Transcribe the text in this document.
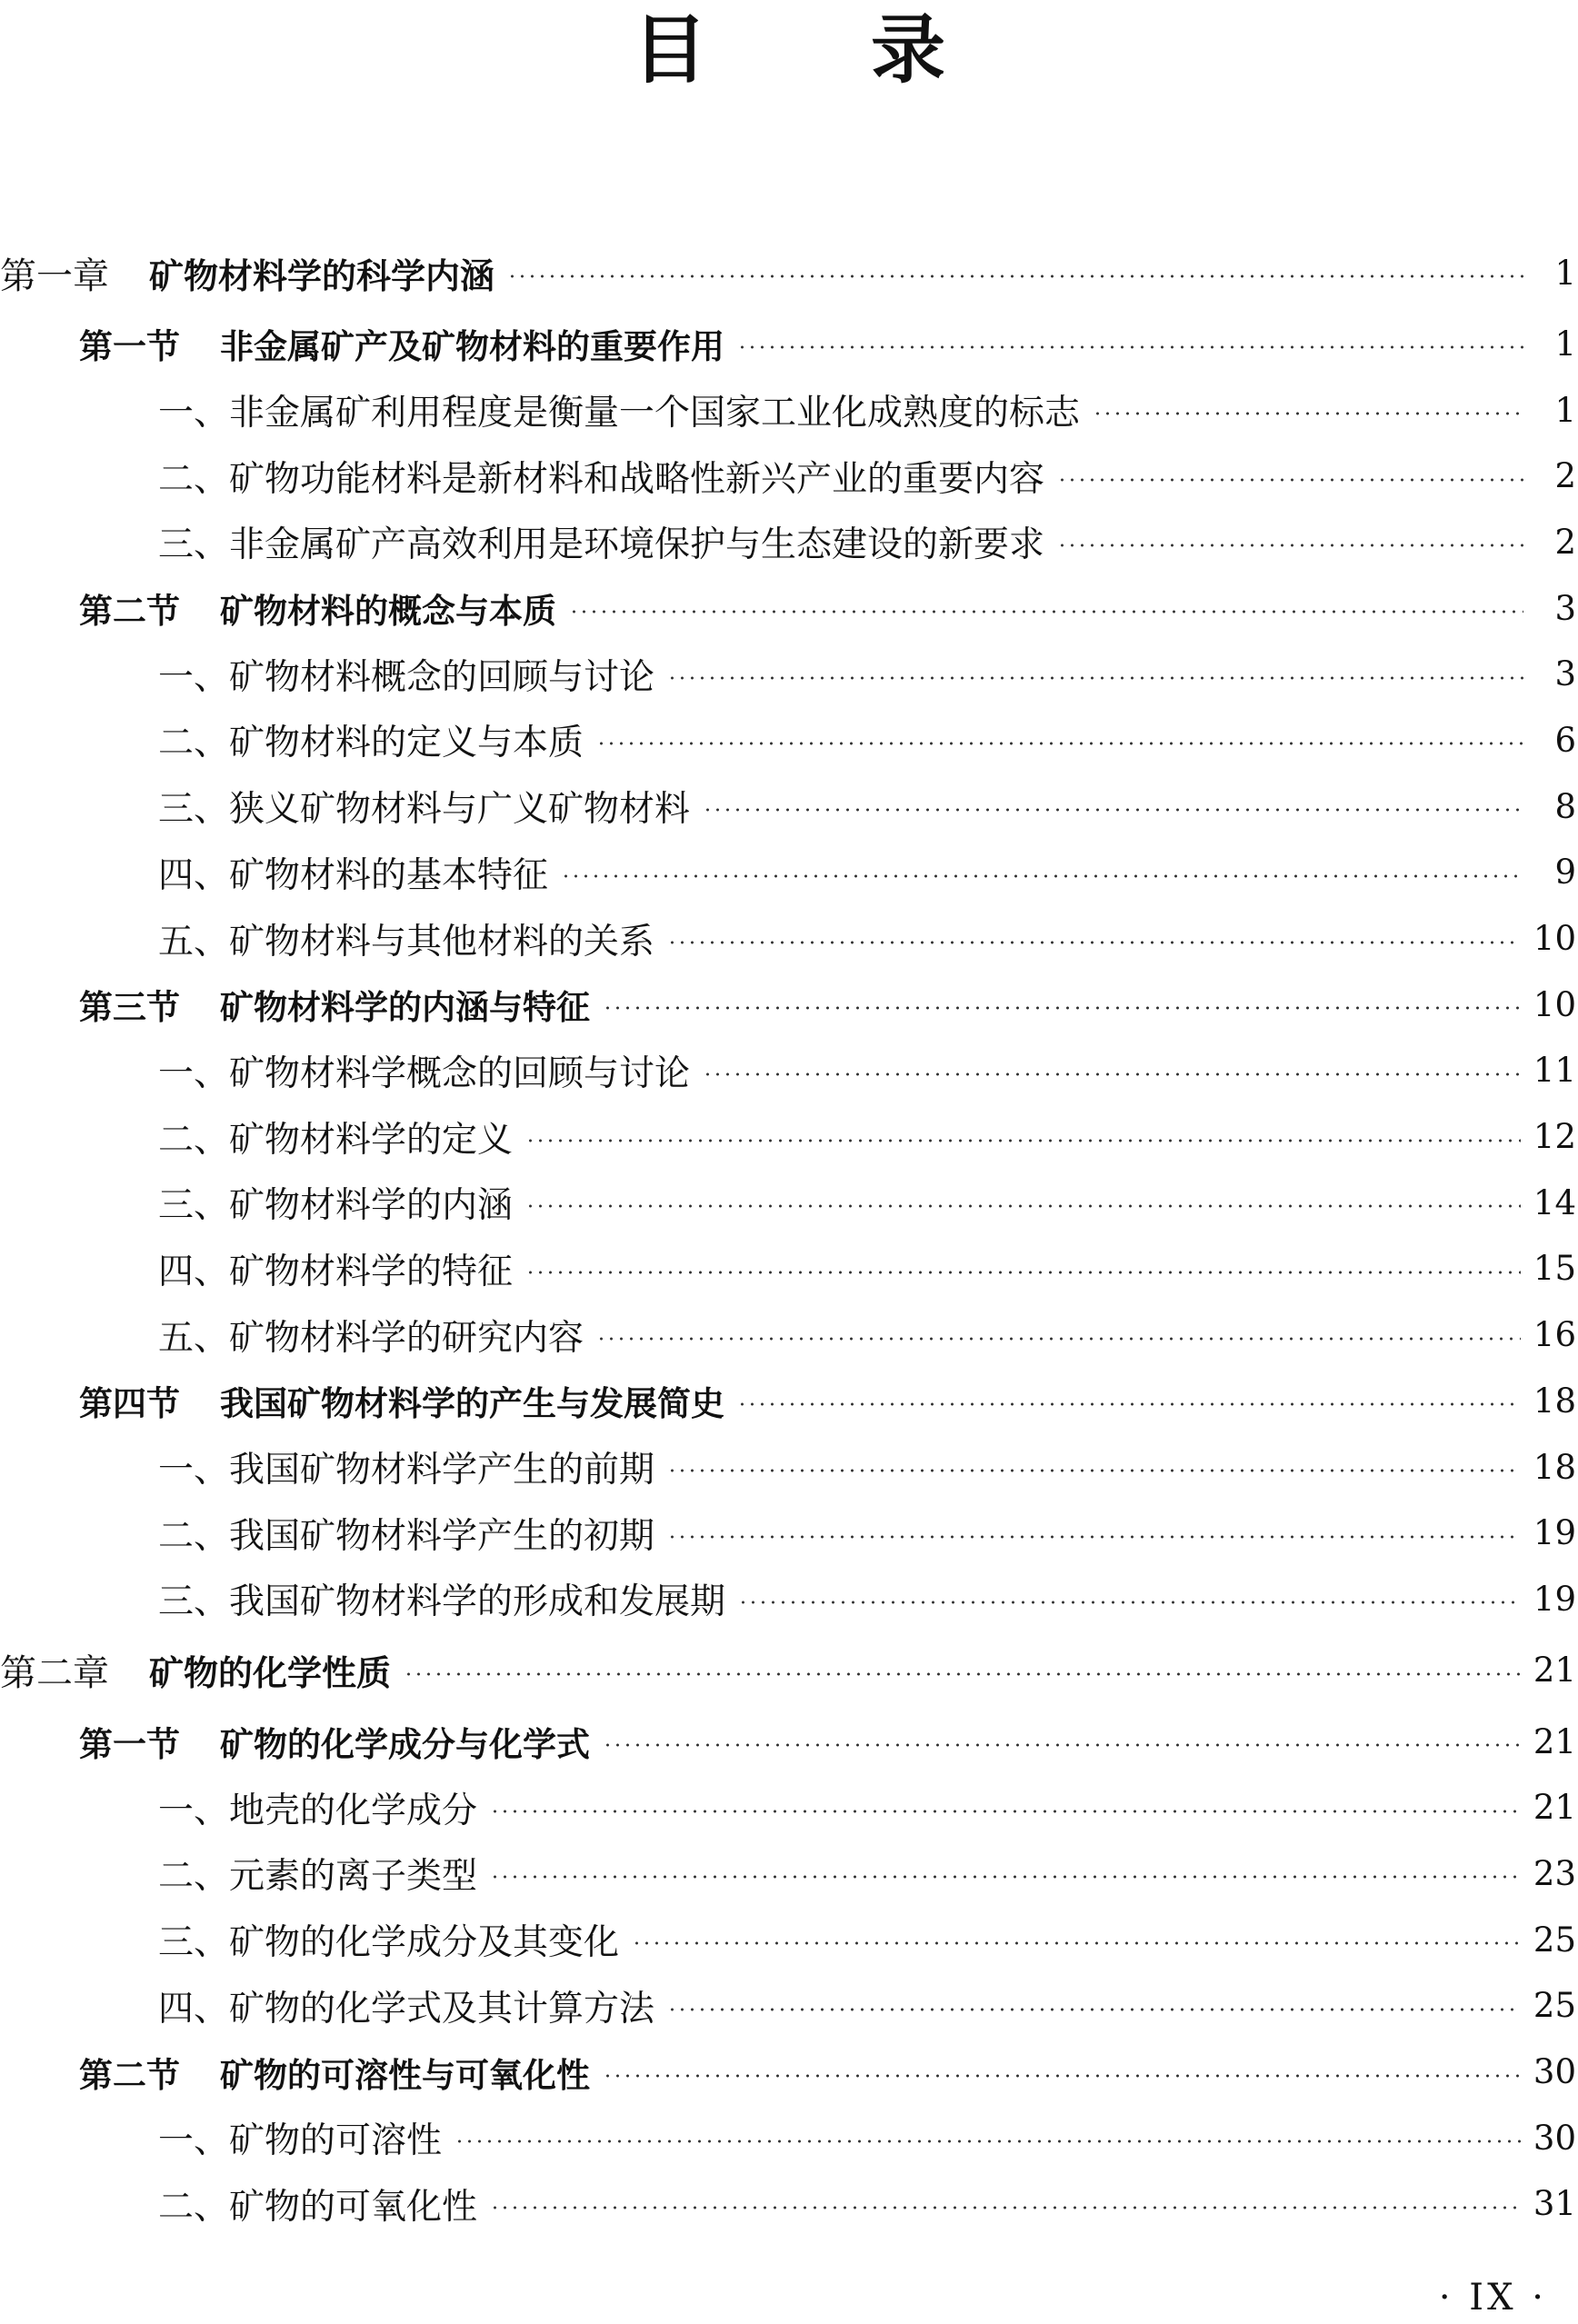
目 录
第一章 矿物材料学的科学内涵	1
第一节 非金属矿产及矿物材料的重要作用	1
一、非金属矿利用程度是衡量一个国家工业化成熟度的标志	1
二、矿物功能材料是新材料和战略性新兴产业的重要内容	2
三、非金属矿产高效利用是环境保护与生态建设的新要求	2
第二节 矿物材料的概念与本质	3
一、矿物材料概念的回顾与讨论	3
二、矿物材料的定义与本质	6
三、狭义矿物材料与广义矿物材料	8
四、矿物材料的基本特征	9
五、矿物材料与其他材料的关系	10
第三节 矿物材料学的内涵与特征	10
一、矿物材料学概念的回顾与讨论	11
二、矿物材料学的定义	12
三、矿物材料学的内涵	14
四、矿物材料学的特征	15
五、矿物材料学的研究内容	16
第四节 我国矿物材料学的产生与发展简史	18
一、我国矿物材料学产生的前期	18
二、我国矿物材料学产生的初期	19
三、我国矿物材料学的形成和发展期	19
第二章 矿物的化学性质	21
第一节 矿物的化学成分与化学式	21
一、地壳的化学成分	21
二、元素的离子类型	23
三、矿物的化学成分及其变化	25
四、矿物的化学式及其计算方法	25
第二节 矿物的可溶性与可氧化性	30
一、矿物的可溶性	30
二、矿物的可氧化性	31
· IX ·
